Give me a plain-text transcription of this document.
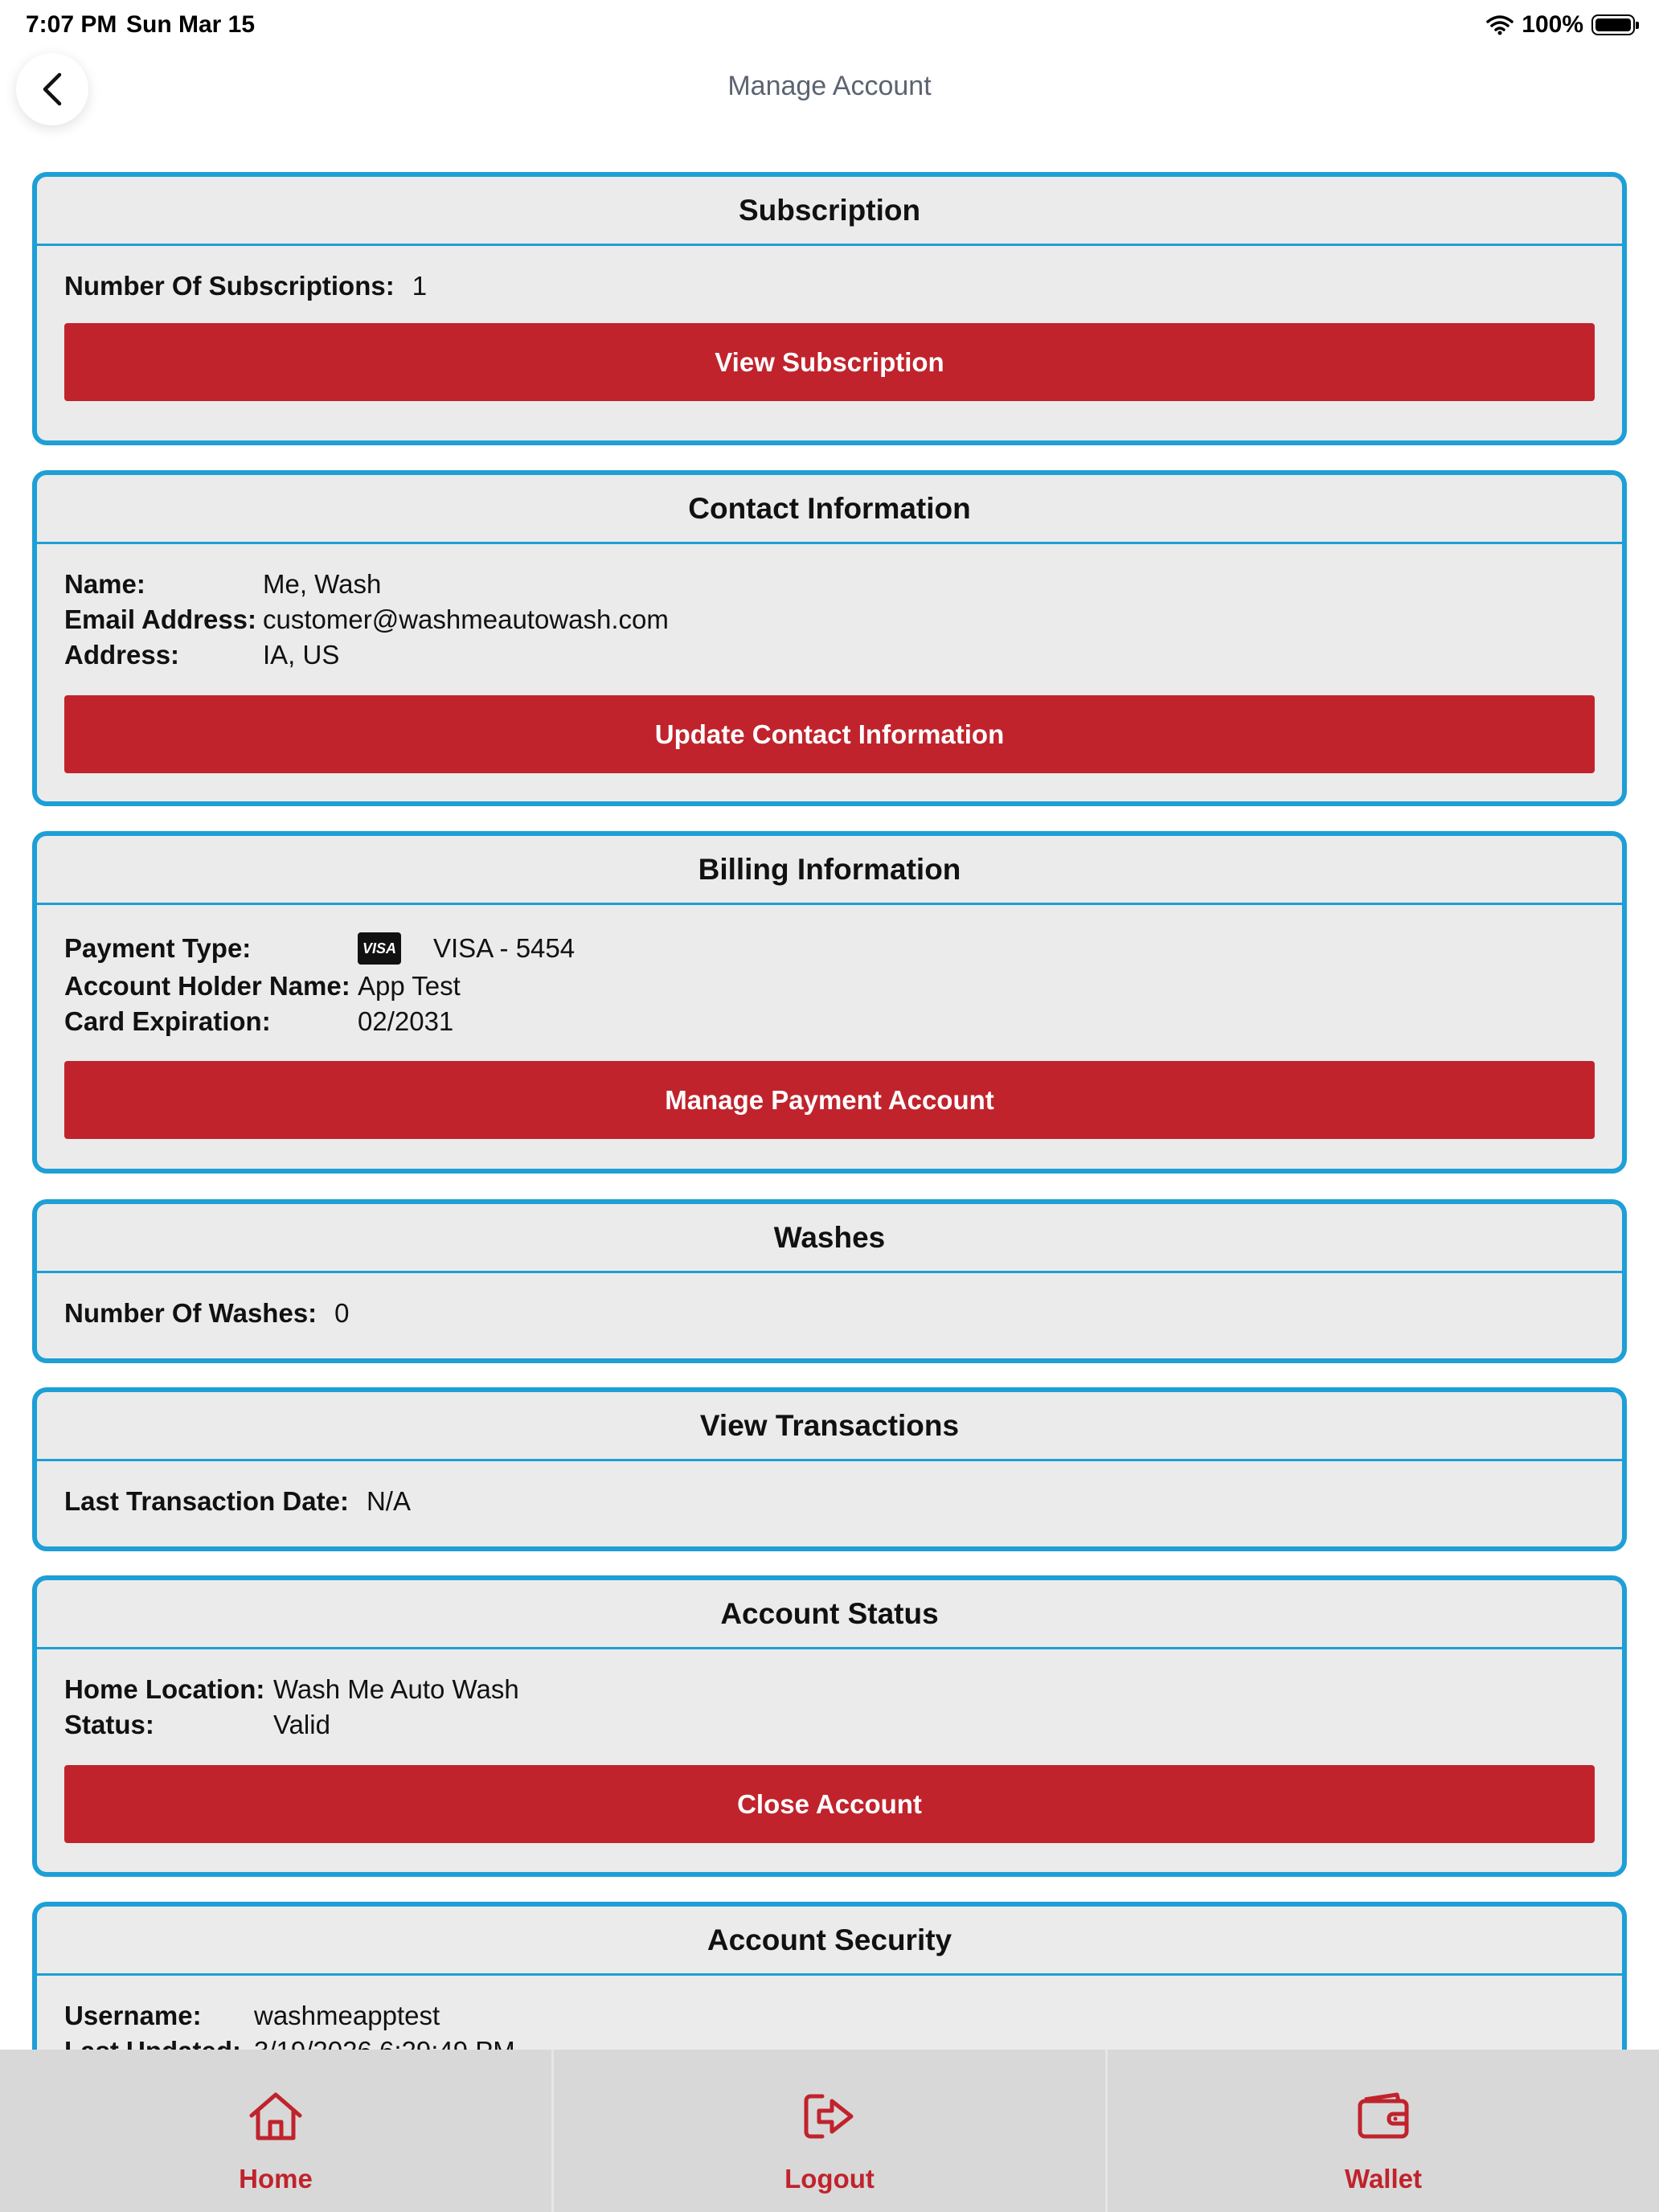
7:07 PM Sun Mar 15	100%
Manage Account
Subscription
Number Of Subscriptions: 1
View Subscription
Contact Information
Name:	Me, Wash
Email Address: customer@washmeautowash.com
Address:	IA, US
Update Contact Information
Billing Information
Payment Type:	VISA VISA - 5454
Account Holder Name: App Test
Card Expiration:	02/2031
Manage Payment Account
Washes
Number Of Washes: 0
View Transactions
Last Transaction Date: N/A
Account Status
Home Location: Wash Me Auto Wash
Status:	Valid
Close Account
Account Security
Username:	washmeapptest
Home	Logout	Wallet
